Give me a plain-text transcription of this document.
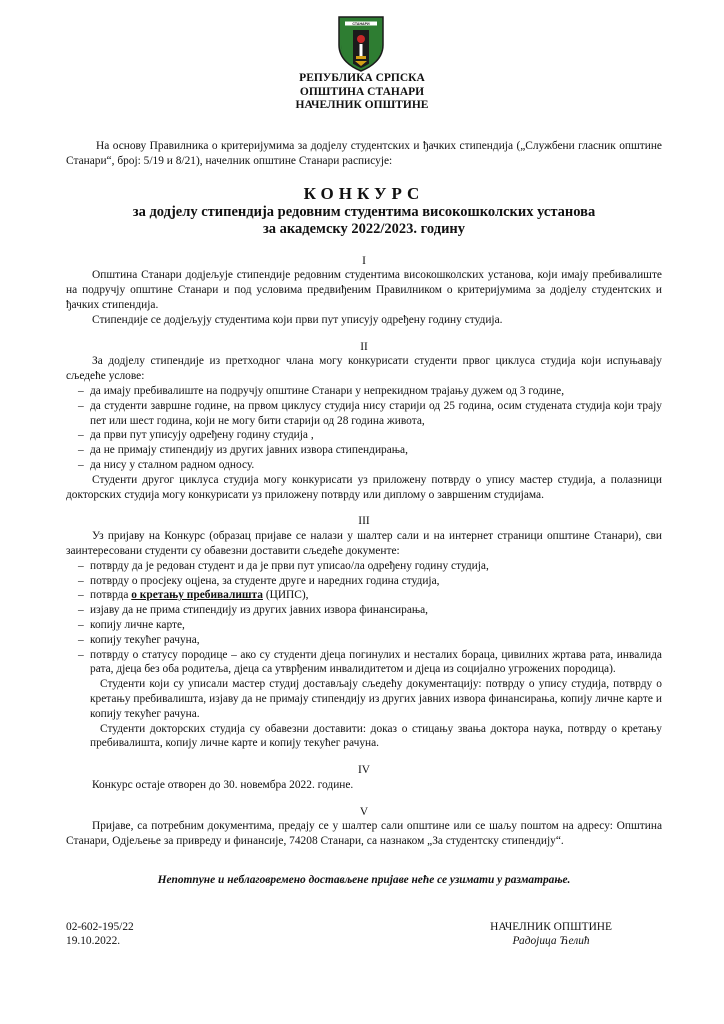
СТАНАРИ
РЕПУБЛИКА СРПСКА
ОПШТИНА СТАНАРИ
НАЧЕЛНИК ОПШТИНЕ

На основу Правилника о критеријумима за додјелу студентских и ђачких стипендија („Службени гласник општине Станари“, број: 5/19 и 8/21), начелник општине Станари расписује:

КОНКУРС
за додјелу стипендија редовним студентима високошколских установа
за академску 2022/2023. годину
I

Општина Станари додјељује стипендије редовним студентима високошколских установа, који имају пребивалиште на подручју општине Станари и под условима предвиђеним Правилником о критеријумима за додјелу студентских и ђачких стипендија.

Стипендије се додјељују студентима који први пут уписују одређену годину студија.

II

За додјелу стипендије из претходног члана могу конкурисати студенти првог циклуса студија који испуњавају сљедеће услове:

– да имају пребивалиште на подручју општине Станари у непрекидном трајању дужем од 3 године,
– да студенти завршне године, на првом циклусу студија нису старији од 25 година, осим студената студија који трају пет или шест година, који не могу бити старији од 28 година живота,
– да први пут уписују одређену годину студија ,
– да не примају стипендију из других јавних извора стипендирања,
– да нису у сталном радном односу.

Студенти другог циклуса студија могу конкурисати уз приложену потврду о упису мастер студија, а полазници докторских студија могу конкурисати уз приложену потврду или диплому о завршеним студијама.

III

Уз пријаву на Конкурс (образац пријаве се налази у шалтер сали и на интернет страници општине Станари), сви заинтересовани студенти су обавезни доставити сљедеће документе:

– потврду да је редован студент и да је први пут уписао/ла одређену годину студија,
– потврду о просјеку оцјена, за студенте друге и наредних година студија,
– потврда о кретању пребивалишта (ЦИПС),
– изјаву да не прима стипендију из других јавних извора финансирања,
– копију личне карте,
– копију текућег рачуна,
– потврду о статусу породице – ако су студенти дјеца погинулих и несталих бораца, цивилних жртава рата, инвалида рата, дјеца без оба родитеља, дјеца са утврђеним инвалидитетом и дјеца из социјално угрожених породица).

Студенти који су уписали мастер студиј достављају сљедећу документацију: потврду о упису студија, потврду о кретању пребивалишта, изјаву да не примају стипендију из других јавних извора финансирања, копију личне карте и копију текућег рачуна.

Студенти докторских студија су обавезни доставити: доказ о стицању звања доктора наука, потврду о кретању пребивалишта, копију личне карте и копију текућег рачуна.

IV

Конкурс остаје отворен до 30. новембра 2022. године.

V

Пријаве, са потребним документима, предају се у шалтер сали општине или се шаљу поштом на адресу: Општина Станари, Одјељење за привреду и финансије, 74208 Станари, са назнаком „За студентску стипендију“.

Непотпуне и неблаговремено достављене пријаве неће се узимати у разматрање.

02-602-195/22
19.10.2022.
НАЧЕЛНИК ОПШТИНЕ
Радојица Ћелић
